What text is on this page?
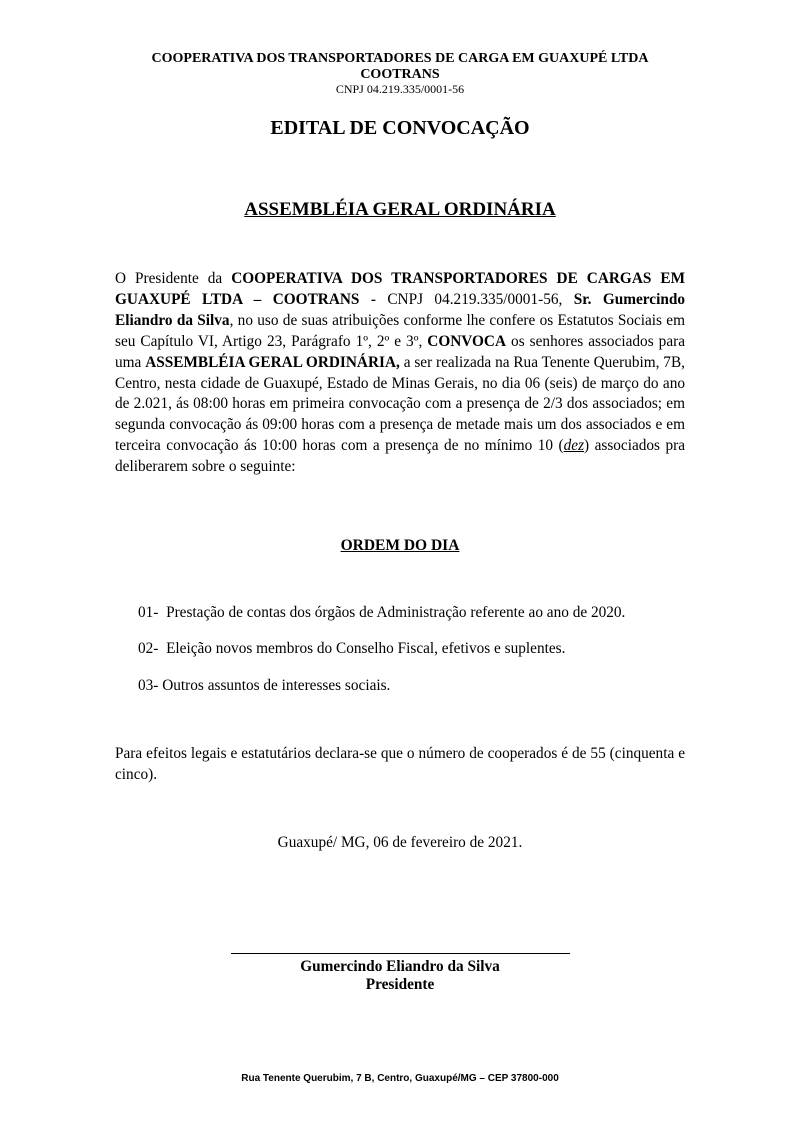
COOPERATIVA DOS TRANSPORTADORES DE CARGA EM GUAXUPÉ LTDA
COOTRANS
CNPJ 04.219.335/0001-56
EDITAL DE CONVOCAÇÃO
ASSEMBLÉIA GERAL ORDINÁRIA
O Presidente da COOPERATIVA DOS TRANSPORTADORES DE CARGAS EM GUAXUPÉ LTDA – COOTRANS - CNPJ 04.219.335/0001-56, Sr. Gumercindo Eliandro da Silva, no uso de suas atribuições conforme lhe confere os Estatutos Sociais em seu Capítulo VI, Artigo 23, Parágrafo 1º, 2º e 3º, CONVOCA os senhores associados para uma ASSEMBLÉIA GERAL ORDINÁRIA, a ser realizada na Rua Tenente Querubim, 7B, Centro, nesta cidade de Guaxupé, Estado de Minas Gerais, no dia 06 (seis) de março do ano de 2.021, ás 08:00 horas em primeira convocação com a presença de 2/3 dos associados; em segunda convocação ás 09:00 horas com a presença de metade mais um dos associados e em terceira convocação ás 10:00 horas com a presença de no mínimo 10 (dez) associados pra deliberarem sobre o seguinte:
ORDEM DO DIA
01- Prestação de contas dos órgãos de Administração referente ao ano de 2020.
02- Eleição novos membros do Conselho Fiscal, efetivos e suplentes.
03- Outros assuntos de interesses sociais.
Para efeitos legais e estatutários declara-se que o número de cooperados é de 55 (cinquenta e cinco).
Guaxupé/ MG, 06 de fevereiro de 2021.
Gumercindo Eliandro da Silva
Presidente
Rua Tenente Querubim, 7 B, Centro, Guaxupé/MG – CEP 37800-000
